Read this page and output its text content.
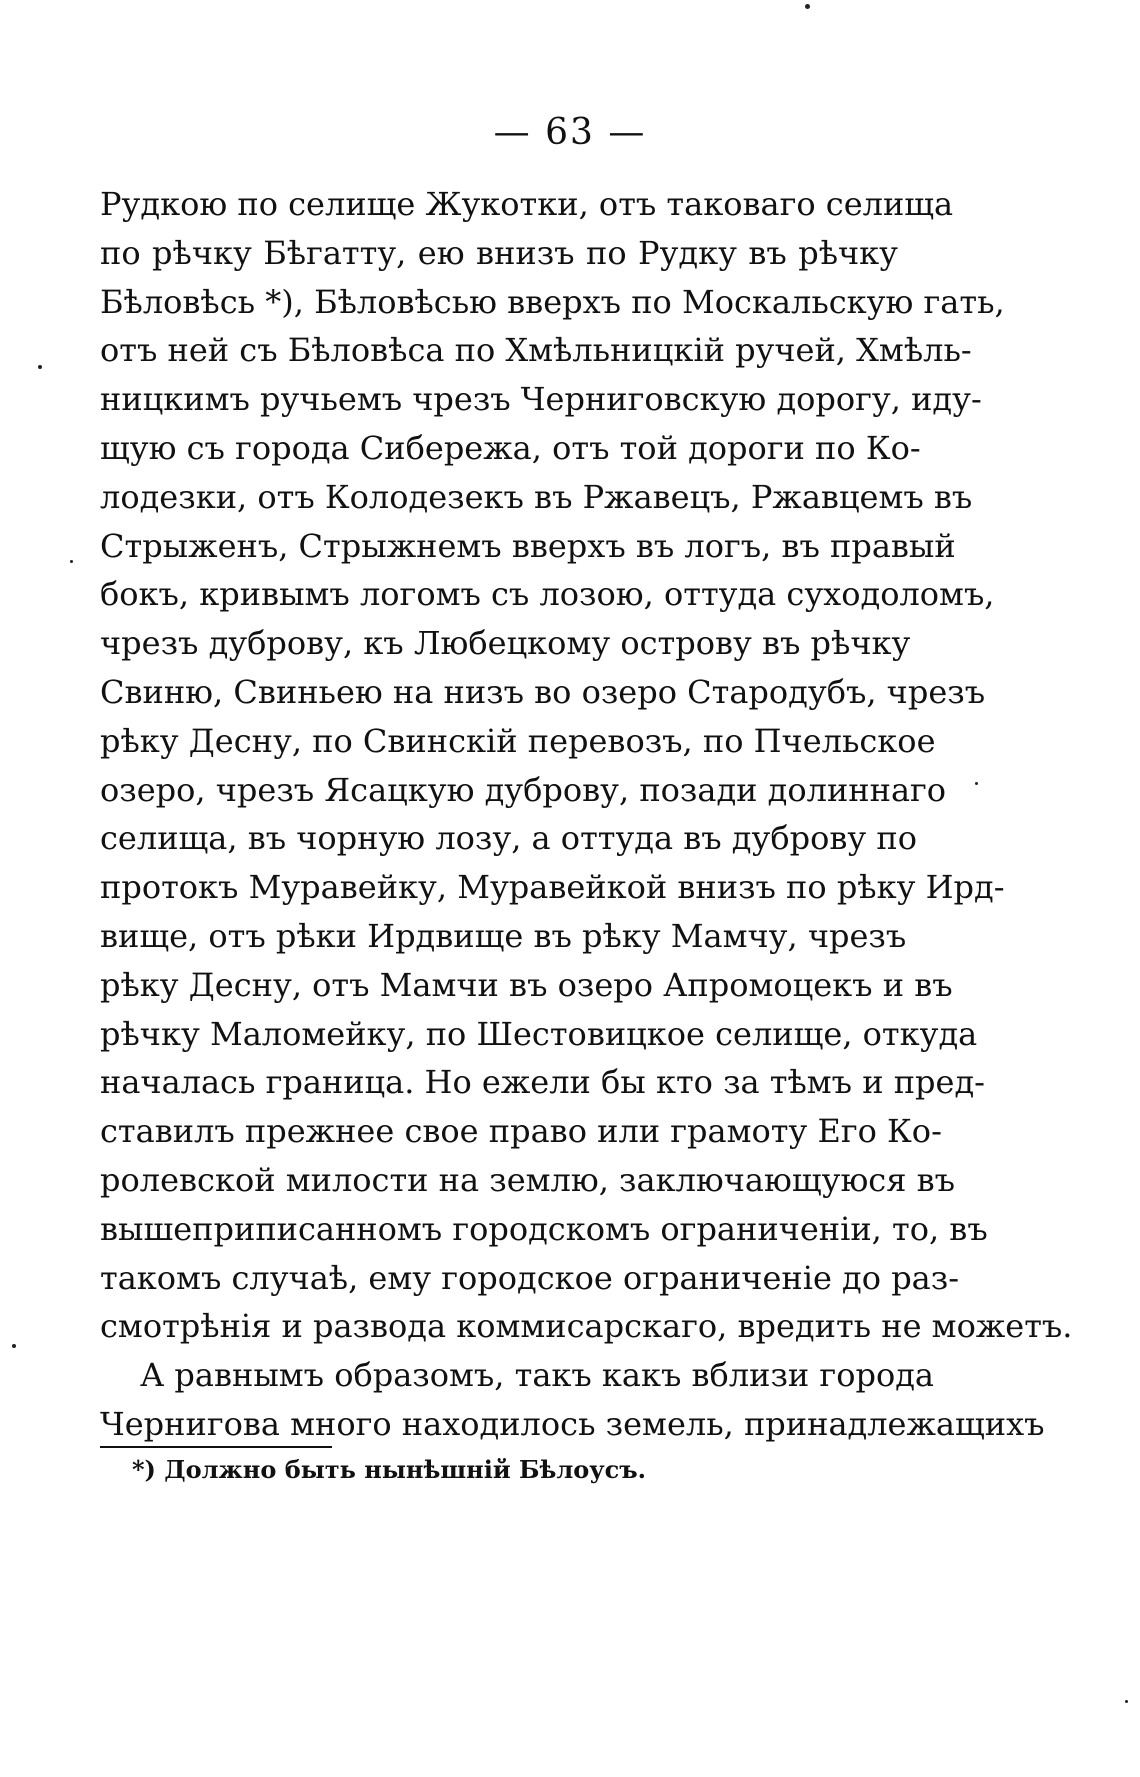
— 63 —
Рудкою по селище Жукотки, отъ таковаго селища
по рѣчку Бѣгатту, ею внизъ по Рудку въ рѣчку
Бѣловѣсь *), Бѣловѣсью вверхъ по Москальскую гать,
отъ ней съ Бѣловѣса по Хмѣльницкій ручей, Хмѣль-
ницкимъ ручьемъ чрезъ Черниговскую дорогу, иду-
щую съ города Сибережа, отъ той дороги по Ко-
лодезки, отъ Колодезекъ въ Ржавецъ, Ржавцемъ въ
Стрыженъ, Стрыжнемъ вверхъ въ логъ, въ правый
бокъ, кривымъ логомъ съ лозою, оттуда суходоломъ,
чрезъ дуброву, къ Любецкому острову въ рѣчку
Свиню, Свиньею на низъ во озеро Стародубъ, чрезъ
рѣку Десну, по Свинскій перевозъ, по Пчельское
озеро, чрезъ Ясацкую дуброву, позади долиннаго
селища, въ чорную лозу, а оттуда въ дуброву по
протокъ Муравейку, Муравейкой внизъ по рѣку Ирд-
вище, отъ рѣки Ирдвище въ рѣку Мамчу, чрезъ
рѣку Десну, отъ Мамчи въ озеро Апромоцекъ и въ
рѣчку Маломейку, по Шестовицкое селище, откуда
началась граница. Но ежели бы кто за тѣмъ и пред-
ставилъ прежнее свое право или грамоту Его Ко-
ролевской милости на землю, заключающуюся въ
вышеприписанномъ городскомъ ограниченіи, то, въ
такомъ случаѣ, ему городское ограниченіе до раз-
смотрѣнія и развода коммисарскаго, вредить не можетъ.
А равнымъ образомъ, такъ какъ вблизи города
Чернигова много находилось земель, принадлежащихъ
*) Должно быть нынѣшній Бѣлоусъ.
